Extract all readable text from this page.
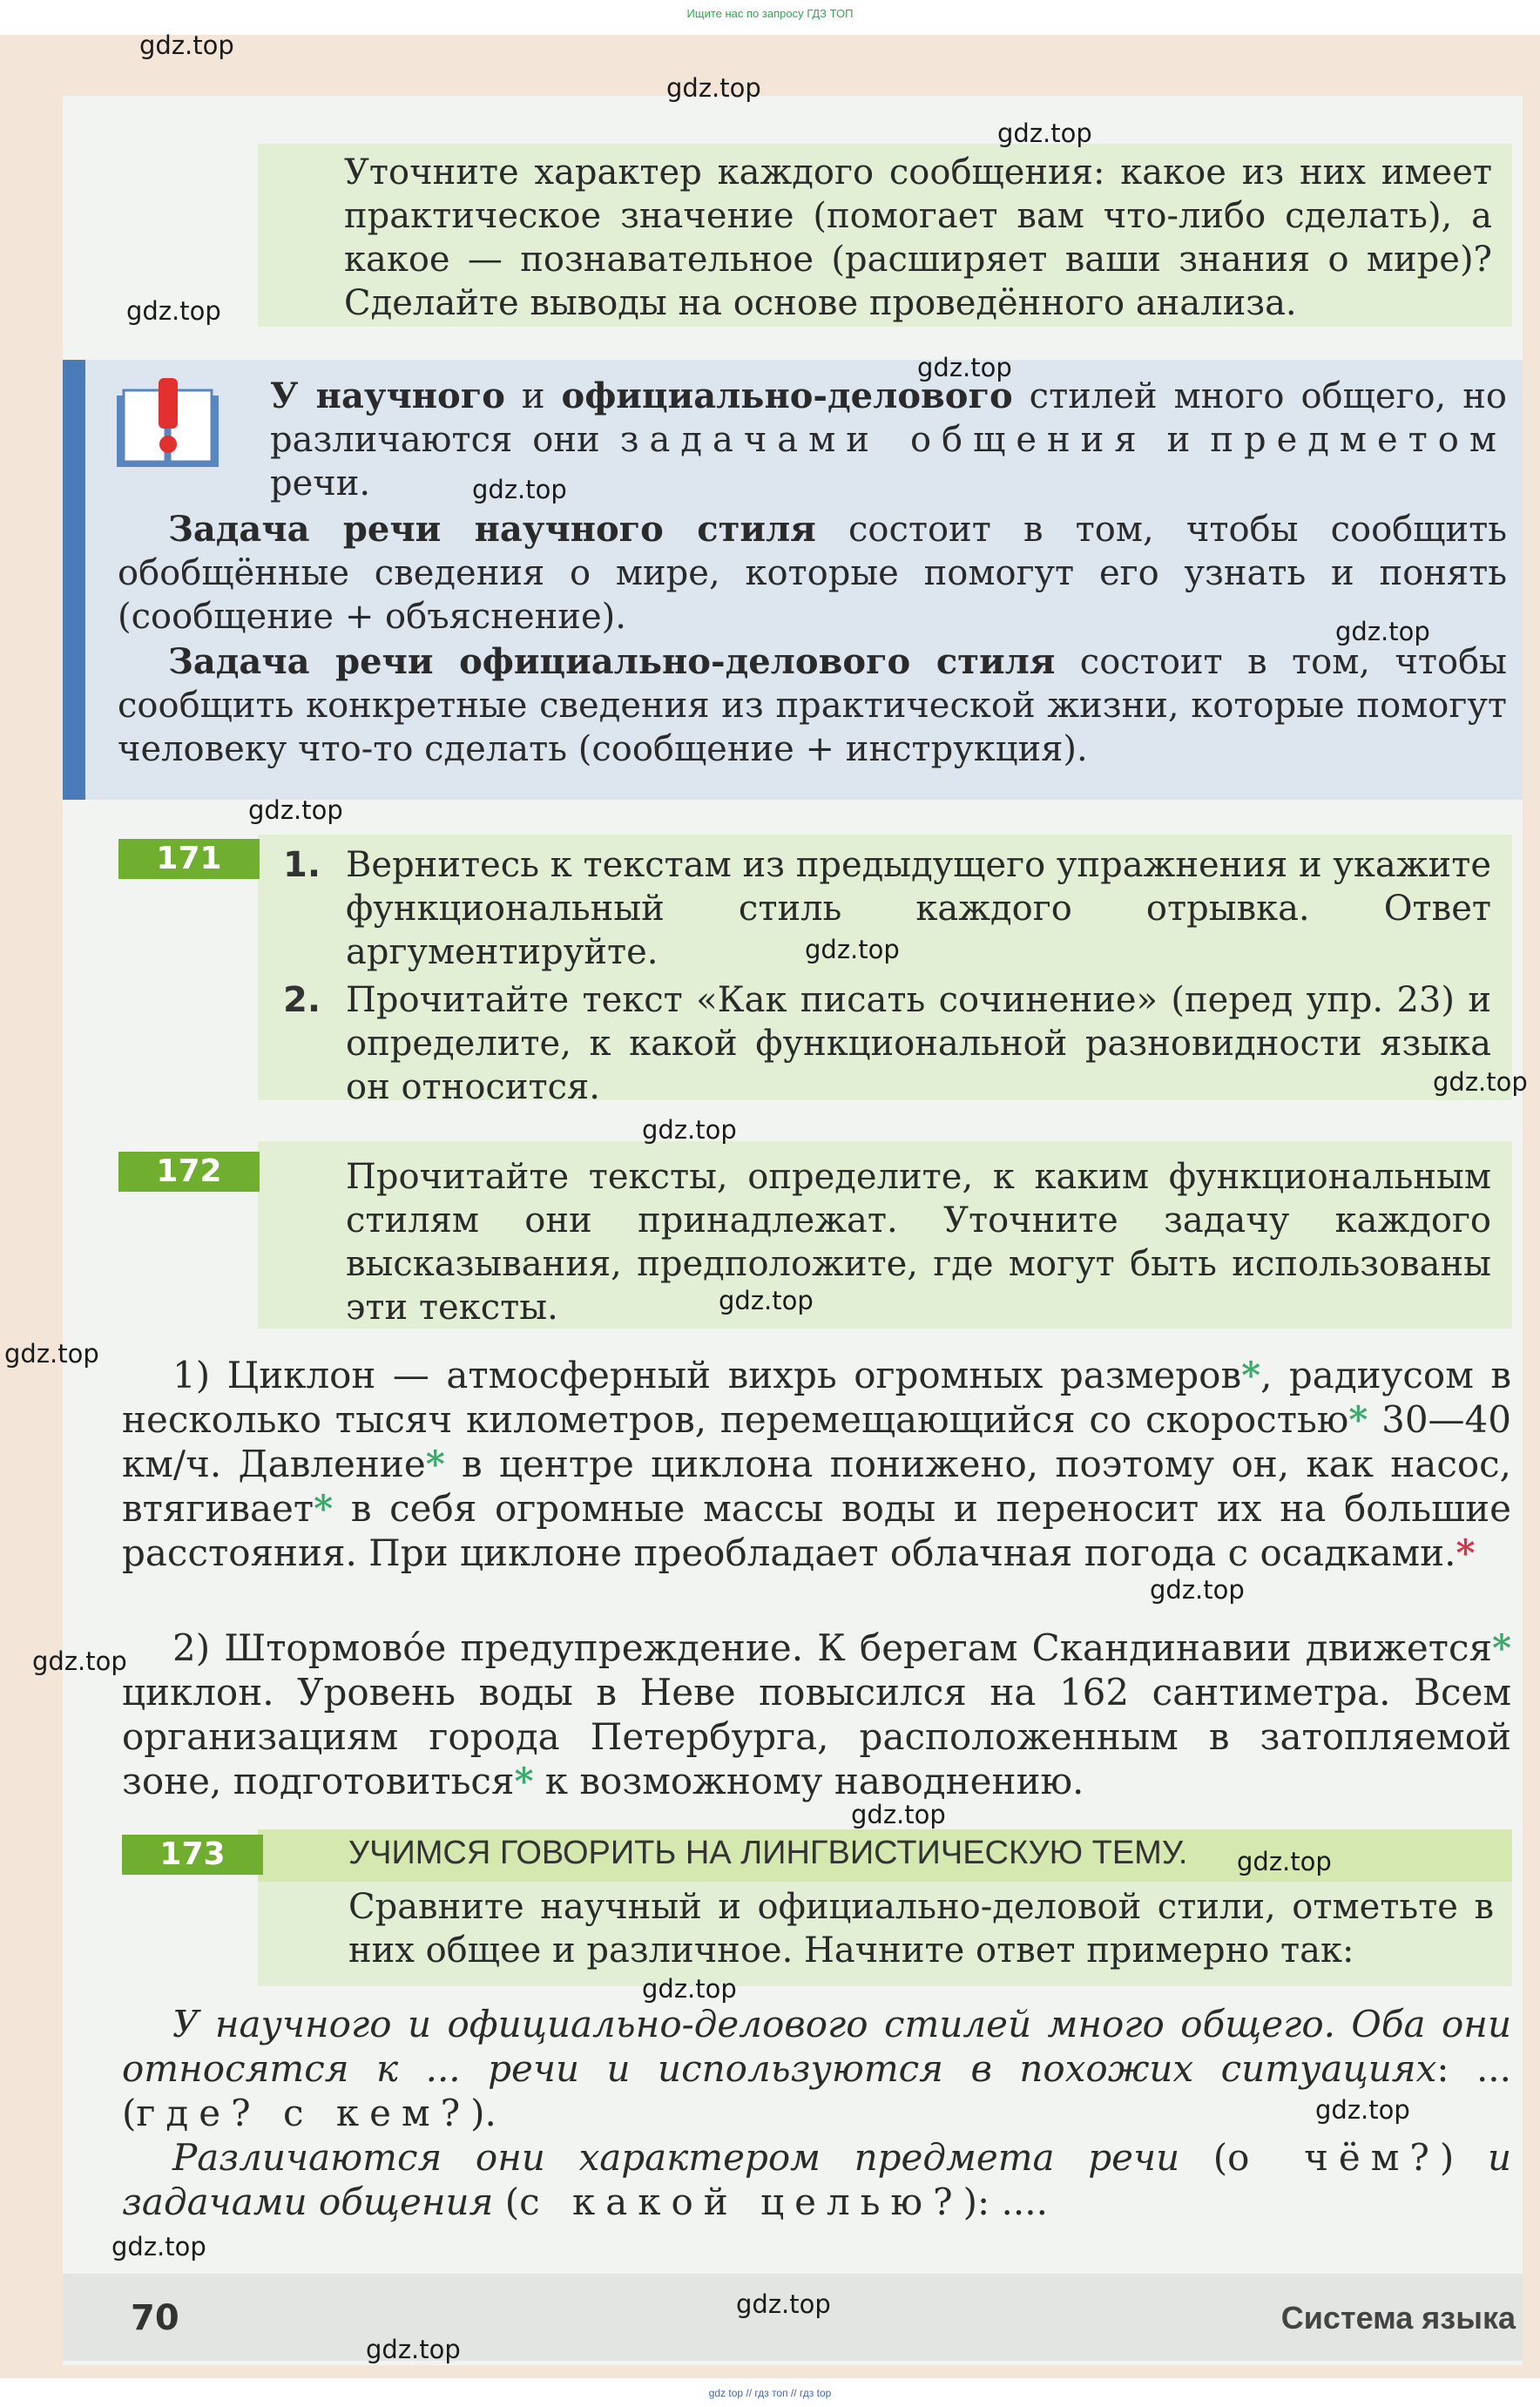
Ищите нас по запросу ГДЗ ТОП
Уточните характер каждого сообщения: какое из них имеет практическое значение (помогает вам что-либо сделать), а какое — познавательное (расширяет ваши знания о мире)? Сделайте выводы на основе проведённого анализа.
У научного и официально-делового стилей много общего, но различаются они задачами общения и предметом речи.
Задача речи научного стиля состоит в том, чтобы сообщить обобщённые сведения о мире, которые помогут его узнать и понять (сообщение + объяснение).
Задача речи официально-делового стиля состоит в том, чтобы сообщить конкретные сведения из практической жизни, которые помогут человеку что-то сделать (сообщение + инструкция).
171	1. Вернитесь к текстам из предыдущего упражнения и укажите функциональный стиль каждого отрывка. Ответ аргументируйте.
2. Прочитайте текст «Как писать сочинение» (перед упр. 23) и определите, к какой функциональной разновидности языка он относится.
172	Прочитайте тексты, определите, к каким функциональным стилям они принадлежат. Уточните задачу каждого высказывания, предположите, где могут быть использованы эти тексты.
1) Циклон — атмосферный вихрь огромных размеров*, радиусом в несколько тысяч километров, перемещающийся со скоростью* 30—40 км/ч. Давление* в центре циклона понижено, поэтому он, как насос, втягивает* в себя огромные массы воды и переносит их на большие расстояния. При циклоне преобладает облачная погода с осадками.*
2) Штормово́е предупреждение. К берегам Скандинавии движется* циклон. Уровень воды в Неве повысился на 162 сантиметра. Всем организациям города Петербурга, расположенным в затопляемой зоне, подготовиться* к возможному наводнению.
173	УЧИМСЯ ГОВОРИТЬ НА ЛИНГВИСТИЧЕСКУЮ ТЕМУ.
Сравните научный и официально-деловой стили, отметьте в них общее и различное. Начните ответ примерно так:
У научного и официально-делового стилей много общего. Оба они относятся к ... речи и используются в похожих ситуациях: ... (где? с кем?).
Различаются они характером предмета речи (о чём?) и задачами общения (с какой целью?): ....
70	Система языка
gdz.top
gdz.top
gdz.top
gdz.top
gdz.top
gdz.top
gdz.top
gdz.top
gdz.top
gdz.top
gdz.top
gdz.top
gdz.top
gdz.top
gdz.top
gdz.top
gdz.top
gdz.top
gdz.top
gdz.top
gdz.top
gdz.top
gdz top // гдз топ // гдз top
